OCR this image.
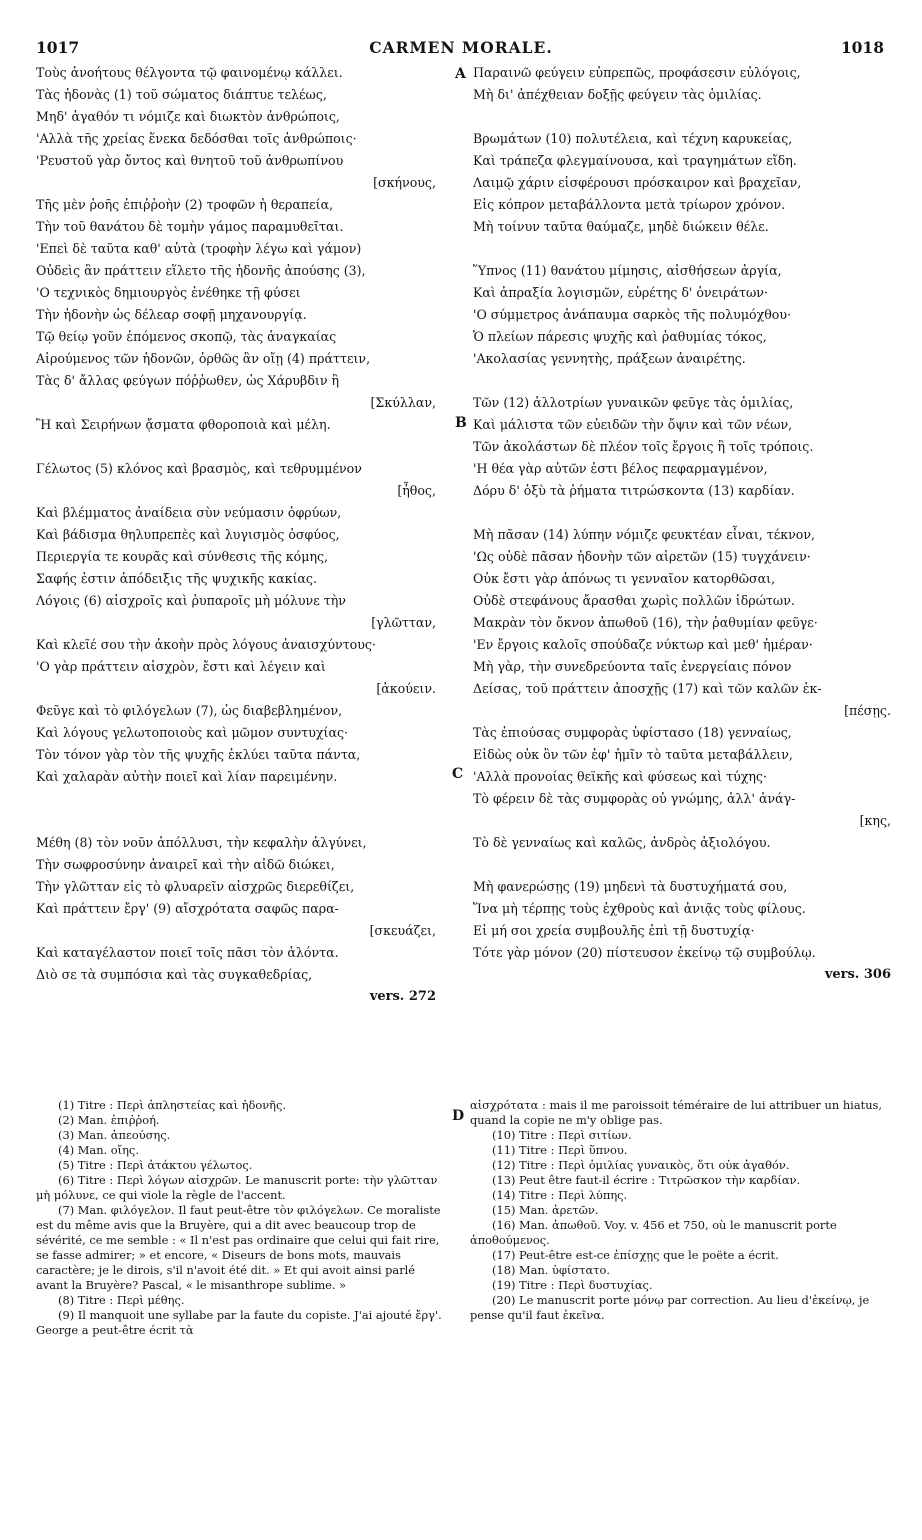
1017	CARMEN MORALE.	1018
Τοὺς ἀνοήτους θέλγοντα τῷ φαινομένῳ κάλλει.
Τὰς ἡδονὰς (1) τοῦ σώματος διάπτυε τελέως,
Μηδ' ἀγαθόν τι νόμιζε καὶ διωκτὸν ἀνθρώποις,
'Αλλὰ τῆς χρείας ἕνεκα δεδόσθαι τοῖς ἀνθρώποις·
'Ρευστοῦ γὰρ ὄντος καὶ θνητοῦ τοῦ ἀνθρωπίνου
[σκήνους,
Τῆς μὲν ῥοῆς ἐπιῤῥοὴν (2) τροφῶν ἡ θεραπεία,
Τὴν τοῦ θανάτου δὲ τομὴν γάμος παραμυθεῖται.
'Επεὶ δὲ ταῦτα καθ' αὑτὰ (τροφὴν λέγω καὶ γάμον)
Οὐδεὶς ἂν πράττειν εἵλετο τῆς ἡδονῆς ἀπούσης (3),
'Ο τεχνικὸς δημιουργὸς ἐνέθηκε τῇ φύσει
Τὴν ἡδονὴν ὡς δέλεαρ σοφῇ μηχανουργίᾳ.
Τῷ θείῳ γοῦν ἑπόμενος σκοπῷ, τὰς ἀναγκαίας
Αἱρούμενος τῶν ἡδονῶν, ὀρθῶς ἂν οἴῃ (4) πράττειν,
Τὰς δ' ἄλλας φεύγων πόῤῥωθεν, ὡς Χάρυβδιν ἢ
[Σκύλλαν,
Ἢ καὶ Σειρήνων ᾄσματα φθοροποιὰ καὶ μέλη.
Γέλωτος (5) κλόνος καὶ βρασμὸς, καὶ τεθρυμμένον
[ἦθος,
Καὶ βλέμματος ἀναίδεια σὺν νεύμασιν ὀφρύων,
Καὶ βάδισμα θηλυπρεπὲς καὶ λυγισμὸς ὀσφύος,
Περιεργία τε κουρᾶς καὶ σύνθεσις τῆς κόμης,
Σαφής ἐστιν ἀπόδειξις τῆς ψυχικῆς κακίας.
Λόγοις (6) αἰσχροῖς καὶ ῥυπαροῖς μὴ μόλυνε τὴν
[γλῶτταν,
Καὶ κλεῖέ σου τὴν ἀκοὴν πρὸς λόγους ἀναισχύντους·
'Ο γὰρ πράττειν αἰσχρὸν, ἔστι καὶ λέγειν καὶ
[ἀκούειν.
Φεῦγε καὶ τὸ φιλόγελων (7), ὡς διαβεβλημένον,
Καὶ λόγους γελωτοποιοὺς καὶ μῶμον συντυχίας·
Τὸν τόνον γὰρ τὸν τῆς ψυχῆς ἐκλύει ταῦτα πάντα,
Καὶ χαλαρὰν αὐτὴν ποιεῖ καὶ λίαν παρειμένην.
Μέθη (8) τὸν νοῦν ἀπόλλυσι, τὴν κεφαλὴν ἀλγύνει,
Τὴν σωφροσύνην ἀναιρεῖ καὶ τὴν αἰδῶ διώκει,
Τὴν γλῶτταν εἰς τὸ φλυαρεῖν αἰσχρῶς διερεθίζει,
Καὶ πράττειν ἔργ' (9) αἴσχρότατα σαφῶς παρα-
[σκευάζει,
Καὶ καταγέλαστον ποιεῖ τοῖς πᾶσι τὸν ἁλόντα.
Διὸ σε τὰ συμπόσια καὶ τὰς συγκαθεδρίας,
vers. 272
Παραινῶ φεύγειν εὐπρεπῶς, προφάσεσιν εὐλόγοις,
Μὴ δι' ἀπέχθειαν δοξῇς φεύγειν τὰς ὁμιλίας.
Βρωμάτων (10) πολυτέλεια, καὶ τέχνη καρυκείας,
Καὶ τράπεζα φλεγμαίνουσα, καὶ τραγημάτων εἴδη.
Λαιμῷ χάριν εἰσφέρουσι πρόσκαιρον καὶ βραχεῖαν,
Εἰς κόπρον μεταβάλλοντα μετὰ τρίωρον χρόνον.
Μὴ τοίνυν ταῦτα θαύμαζε, μηδὲ διώκειν θέλε.
Ὕπνος (11) θανάτου μίμησις, αἰσθήσεων ἀργία,
Καὶ ἀπραξία λογισμῶν, εὑρέτης δ' ὀνειράτων·
'Ο σύμμετρος ἀνάπαυμα σαρκὸς τῆς πολυμόχθου·
Ὁ πλείων πάρεσις ψυχῆς καὶ ῥαθυμίας τόκος,
'Ακολασίας γεννητὴς, πράξεων ἀναιρέτης.
Τῶν (12) ἀλλοτρίων γυναικῶν φεῦγε τὰς ὁμιλίας,
Καὶ μάλιστα τῶν εὐειδῶν τὴν ὄψιν καὶ τῶν νέων,
Τῶν ἀκολάστων δὲ πλέον τοῖς ἔργοις ἢ τοῖς τρόποις.
'Η θέα γὰρ αὐτῶν ἐστι βέλος πεφαρμαγμένον,
Δόρυ δ' ὀξὺ τὰ ῥήματα τιτρώσκοντα (13) καρδίαν.
Μὴ πᾶσαν (14) λύπην νόμιζε φευκτέαν εἶναι, τέκνον,
'Ως οὐδὲ πᾶσαν ἡδονὴν τῶν αἱρετῶν (15) τυγχάνειν·
Οὐκ ἔστι γὰρ ἀπόνως τι γενναῖον κατορθῶσαι,
Οὐδὲ στεφάνους ἄρασθαι χωρὶς πολλῶν ἱδρώτων.
Μακρὰν τὸν ὄκνον ἀπωθοῦ (16), τὴν ῥαθυμίαν φεῦγε·
'Εν ἔργοις καλοῖς σπούδαζε νύκτωρ καὶ μεθ' ἡμέραν·
Μὴ γὰρ, τὴν συνεδρεύοντα ταῖς ἐνεργείαις πόνον
Δείσας, τοῦ πράττειν ἀποσχῇς (17) καὶ τῶν καλῶν ἐκ-
[πέσῃς.
Τὰς ἐπιούσας συμφορὰς ὑφίστασο (18) γενναίως,
Εἰδὼς οὐκ ὂν τῶν ἐφ' ἡμῖν τὸ ταῦτα μεταβάλλειν,
'Αλλὰ προνοίας θεϊκῆς καὶ φύσεως καὶ τύχης·
Τὸ φέρειν δὲ τὰς συμφορὰς οὐ γνώμης, ἀλλ' ἀνάγ-
[κης,
Τὸ δὲ γενναίως καὶ καλῶς, ἀνδρὸς ἀξιολόγου.
Μὴ φανερώσῃς (19) μηδενὶ τὰ δυστυχήματά σου,
Ἵνα μὴ τέρπῃς τοὺς ἐχθροὺς καὶ ἀνιᾷς τοὺς φίλους.
Εἰ μή σοι χρεία συμβουλῆς ἐπὶ τῇ δυστυχίᾳ·
Τότε γὰρ μόνον (20) πίστευσον ἐκείνῳ τῷ συμβούλῳ.
vers. 306
A
B
C
D

(1) Titre : Περὶ ἀπληστείας καὶ ἡδονῆς.

(2) Man. ἐπιῤῥοή.

(3) Man. ἀπεούσης.

(4) Man. οἴης.

(5) Titre : Περὶ ἀτάκτου γέλωτος.

(6) Titre : Περὶ λόγων αἰσχρῶν. Le manuscrit porte: τὴν γλῶτταν μὴ μόλυνε, ce qui viole la règle de l'accent.

(7) Man. φιλόγελον. Il faut peut-être τὸν φιλόγελων. Ce moraliste est du même avis que la Bruyère, qui a dit avec beaucoup trop de sévérité, ce me semble : « Il n'est pas ordinaire que celui qui fait rire, se fasse admirer; » et encore, « Diseurs de bons mots, mauvais caractère; je le dirois, s'il n'avoit été dit. » Et qui avoit ainsi parlé avant la Bruyère? Pascal, « le misanthrope sublime. »

(8) Titre : Περὶ μέθης.

(9) Il manquoit une syllabe par la faute du copiste. J'ai ajouté ἔργ'. George a peut-être écrit τὰ

αἰσχρότατα : mais il me paroissoit téméraire de lui attribuer un hiatus, quand la copie ne m'y oblige pas.

(10) Titre : Περὶ σιτίων.

(11) Titre : Περὶ ὕπνου.

(12) Titre : Περὶ ὁμιλίας γυναικὸς, ὅτι οὐκ ἀγαθόν.

(13) Peut être faut-il écrire : Τιτρῶσκον τὴν καρδίαν.

(14) Titre : Περὶ λύπης.

(15) Man. ἀρετῶν.

(16) Man. ἀπωθοῦ. Voy. v. 456 et 750, où le manuscrit porte ἀποθούμενος.

(17) Peut-être est-ce ἐπίσχῃς que le poëte a écrit.

(18) Man. ὑφίστατο.

(19) Titre : Περὶ δυστυχίας.

(20) Le manuscrit porte μόνῳ par correction. Au lieu d'ἐκείνῳ, je pense qu'il faut ἐκεῖνα.
